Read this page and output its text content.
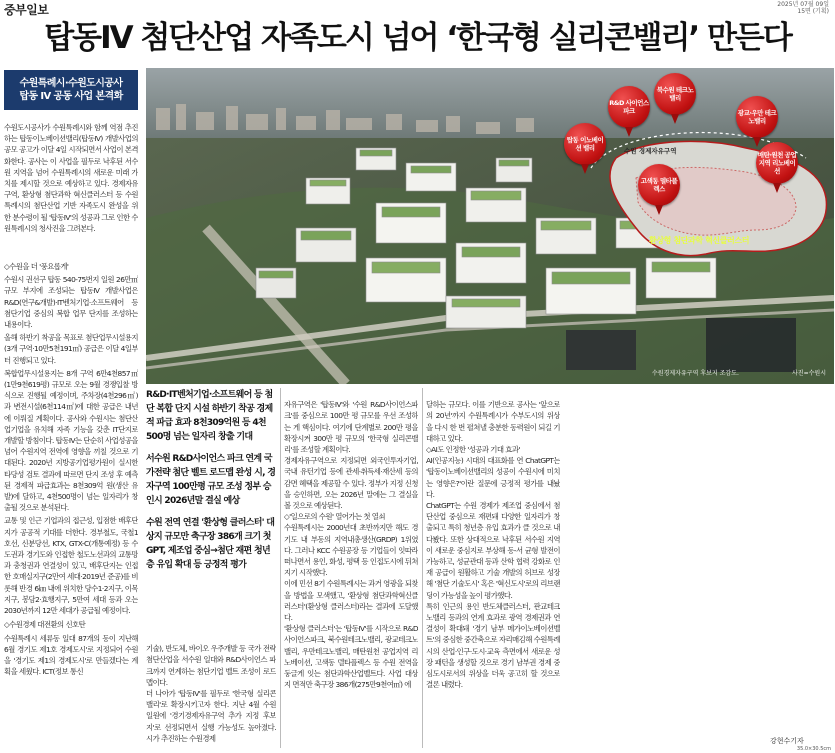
중부일보	2025년 07월 09일
15면 (기획)
탑동IV 첨단산업 자족도시 넘어 ‘한국형 실리콘밸리’ 만든다
수원특례시·수원도시공사
탑동 IV 공동 사업 본격화

수원도시공사가 수원특례시와 함께 역점 추진하는 탑동이노베이션밸리(탑동IV) 개발사업의 공모 공고가 이달 4일 시작되면서 사업이 본격화한다. 공사는 이 사업을 필두로 낙후된 서수원 지역을 넘어 수원특례시의 새로운 미래 가치를 제시할 것으로 예상하고 있다. 경제자유구역, 환상형 첨단과학 혁신클러스터 등 수원특례시의 첨단산업 기반 자족도시 완성을 위한 분수령이 될 '탑동IV'의 성공과 그로 인한 수원특례시의 청사진을 그려본다.

◇수원을 더 '풍요롭게'

수원시 권선구 탑동 540-75번지 일원 26만㎡ 규모 부지에 조성되는 탑동IV 개발사업은 R&D(연구&개발)·IT벤처기업·소프트웨어 등 첨단기업 중심의 복합 업무 단지를 조성하는 내용이다.

올해 하반기 착공을 목표로 첨단업무시설용지(3개 구역·10만5천191㎡) 공급은 이달 4일부터 진행되고 있다.

복합업무시설용지는 8개 구역 6만4천857㎡(1만9천619평) 규모로 오는 9월 경쟁입찰 방식으로 진행될 예정이며, 주차장(4천296㎡)과 변전시설(6천114㎡)에 대한 공급은 내년에 이뤄질 계획이다. 공사와 수원시는 첨단산업기업을 유치해 자족 기능을 갖춘 IT단지로 개발할 방침이다. 탑동IV는 단순히 사업성공을 넘어 수원지역 전역에 영향을 끼칠 것으로 기대된다. 2020년 지방공기업평가원이 실시한 타당성 검토 결과에 따르면 단지 조성 후 예측된 경제적 파급효과는 8천309억 원(생산 유발)에 달하고, 4천500명이 넘는 일자리가 창출될 것으로 분석된다.

교통 및 인근 기업과의 접근성, 입점한 배후단지가 공공적 기대를 더한다. 경부철도, 국철1호선, 신분당선, KTX, GTX-C(개통예정) 등 수도권과 경기도와 인접한 철도노선과의 교통망과 충청권과 연결성이 있고, 배후단지는 인접한 호매실지구(2만여 세대·2019년 준공)를 비롯해 반경 6㎞ 내에 위치한 당수1·2지구, 이목지구, 봉담2·효행지구, 5만여 세대 등과 오는 2030년까지 12만 세대가 공급될 예정이다.

◇수원경제 대전환의 신호탄

수원특례시 세류동 일대 87개의 동이 지난해 6월 경기도 제1호 경제도시'로 지정되어 수원을 '경기도 제1의 경제도시'로 만들겠다는 계획을 세웠다. ICT(정보 통신

수원 경제자유구역
탑동 이노베이션 밸리
R&D 사이언스 파크
북수원 테크노밸리
광교·우만 테크노밸리
매탄·원천 공업지역 리노베이션
고색동 델타플렉스
환상형 첨단과학 혁신클러스터
수원경제자유구역 후보지 조감도.	사진=수원시

R&D·IT벤처기업·소프트웨어 등 첨단 복합 단지 시설 하반기 착공 경제적 파급 효과 8천309억원 등 4천500명 넘는 일자리 창출 기대

서수원 R&D사이언스 파크 연계 국가전략 첨단 벨트 로드맵 완성 시, 경자구역 100만평 규모 조성 정부 승인시 2026년말 결실 예상

수원 전역 연결 '환상형 클러스터' 대상지 규모만 축구장 386개 크기 첫GPT, 제조업 중심→첨단 재편 청년층 유입 확대 등 긍정적 평가

기술), 반도체, 바이오 우주개발 등 국가 전략 첨단산업을 서수원 일대와 R&D사이언스 파크까지 연계하는 첨단기업 벨트 조성이 로드맵이다.
더 나아가 '탑동IV'를 필두로 '한국형 실리콘밸리'로 확장시키고자 한다. 지난 4월 수원 일원에 '경기경제자유구역 추가 지정 후보지'로 선정되면서 실행 가능성도 높아졌다. 시가 추진하는 수원경제

자유구역은 '탑동IV'와 '수원 R&D사이언스파크'를 중심으로 100만 평 규모를 우선 조성하는 게 핵심이다. 여기에 단계별로 200만 평을 확장시켜 300만 평 규모의 '한국형 실리콘밸리'를 조성할 계획이다.
경제자유구역으로 지정되면 외국인투자기업, 국내 유턴기업 등에 관세·취득세·재산세 등의 감면 혜택을 제공할 수 있다. 정부가 지정 신청을 승인하면, 오는 2026년 말에는 그 결실을 볼 것으로 예상된다.
◇'일으로의 수원' 열어가는 첫 열쇠
수원특례시는 2000년대 초반까지만 해도 경기도 내 부동의 지역내총생산(GRDP) 1위였다. 그러나 KCC 수원공장 등 기업들이 잇따라 떠나면서 용인, 화성, 평택 등 인접도시에 뒤쳐지기 시작했다.
이에 민선 8기 수원특례시는 과거 영광을 되찾을 방법을 모색했고, '환상형 첨단과학혁신클러스터'(환상형 클러스터)라는 결과에 도달했다.
'환상형 클러스터'는 '탑동IV'를 시작으로 R&D사이언스파크, 북수원테크노밸리, 광교테크노밸리, 우만테크노밸리, 매탄원천 공업지역 리노베이션, 고색동 델타플렉스 등 수원 전역을 둥글게 잇는 첨단과학산업벨트다. 사업 대상지 면적만 축구장 386개(275만9천여㎡) 에

달하는 규모다. 이를 기반으로 공사는 '앞으로의 20년'까지 수원특례시가 수부도시의 위상을 다시 한 번 펼쳐낼 충분한 동력원이 되길 기대하고 있다.
◇AI도 인정한 '성공과 기대 효과'
AI(인공지능) 시대의 대표화를 연 ChatGPT는 '탑동이노베이션밸리의 성공이 수원시에 미치는 영향은?'이란 질문에 긍정적 평가를 내놨다.
ChatGPT는 수원 경제가 제조업 중심에서 첨단산업 중심으로 재편돼 다양한 일자리가 창출되고 특히 청년층 유입 효과가 클 것으로 내다봤다. 또한 상대적으로 낙후된 서수원 지역이 새로운 중심지로 부상해 동-서 균형 발전이 가능하고, 성균관대 등과 산학 협력 강화로 인재 공급이 원활하고 기술 개발의 허브로 성장해 '첨단 기술도시' 혹은 '혁신도시'로의 리브랜딩이 가능성을 높이 평가했다.
특히 인근의 용인 반도체클러스터, 판교테크노밸리 등과의 연계 효과로 광역 경제권과 연결성이 확대돼 '경기 남부 메가이노베이션벨트'의 중심한 중간축으로 자리매김해 수원특례시의 산업·인구·도시·교육 측면에서 새로운 성장 패턴을 생성할 것으로 경기 남부권 경제 중심도시로서의 위상을 더욱 공고히 할 것으로 결론 내렸다.

강현수기자
35.0×30.5cm
